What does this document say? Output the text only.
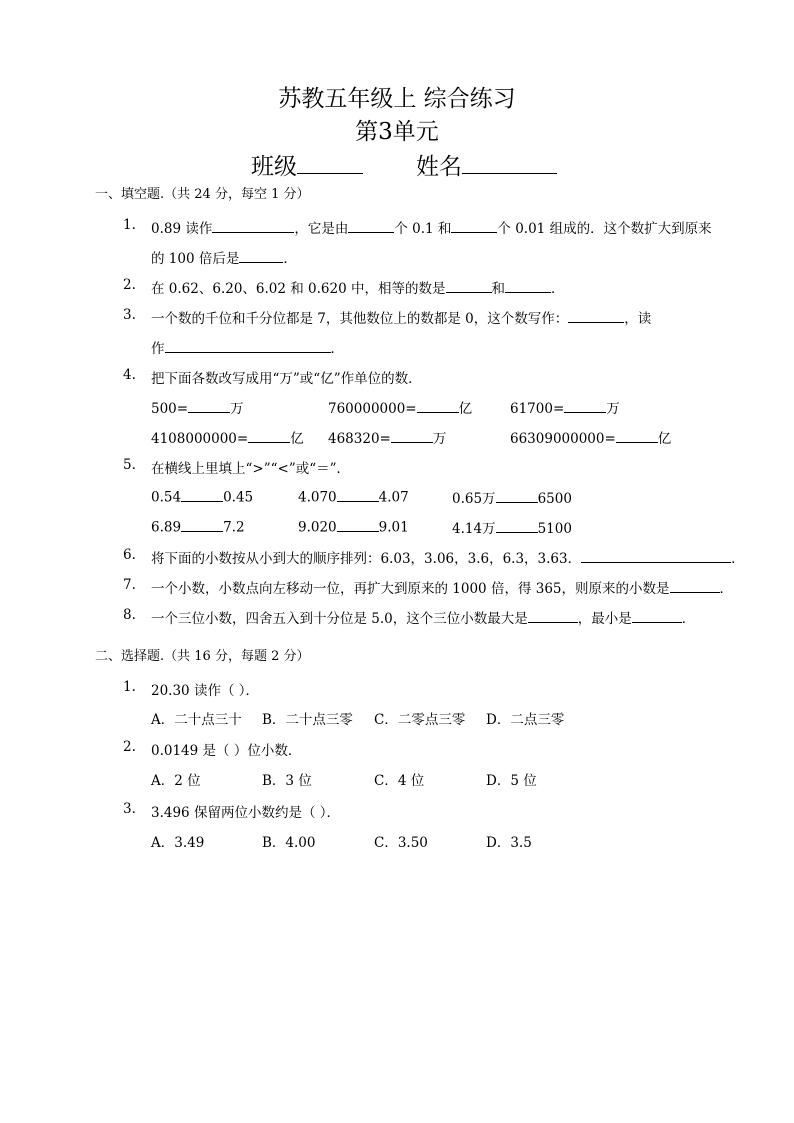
苏教五年级上 综合练习
第3单元
班级	姓名
一、填空题.（共 24 分，每空 1 分）
1. 0.89 读作	，它是由	个 0.1 和	个 0.01 组成的．这个数扩大到原来
的 100 倍后是	．
2. 在 0.62、6.20、6.02 和 0.620 中，相等的数是	和	．
3. 一个数的千位和千分位都是 7，其他数位上的数都是 0，这个数写作：	，读
作	．
4. 把下面各数改写成用“万”或“亿”作单位的数．
500=	万	760000000=	亿	61700=	万
4108000000=	亿 468320=	万	66309000000=	亿
5. 在横线上里填上“>”“<”或“＝”．
0.54	0.45	4.070	4.07	0.65万	6500
6.89	7.2	9.020	9.01	4.14万	5100
6. 将下面的小数按从小到大的顺序排列：6.03，3.06，3.6，6.3，3.63．	．
7. 一个小数，小数点向左移动一位，再扩大到原来的 1000 倍，得 365，则原来的小数是	．
8. 一个三位小数，四舍五入到十分位是 5.0，这个三位小数最大是	，最小是	．
二、选择题.（共 16 分，每题 2 分）
1. 20.30 读作（ ）．
A．二十点三十 B．二十点三零 C．二零点三零 D．二点三零
2. 0.0149 是（ ）位小数．
A．2 位	B．3 位	C．4 位	D．5 位
3. 3.496 保留两位小数约是（ ）．
A．3.49	B．4.00	C．3.50	D．3.5
